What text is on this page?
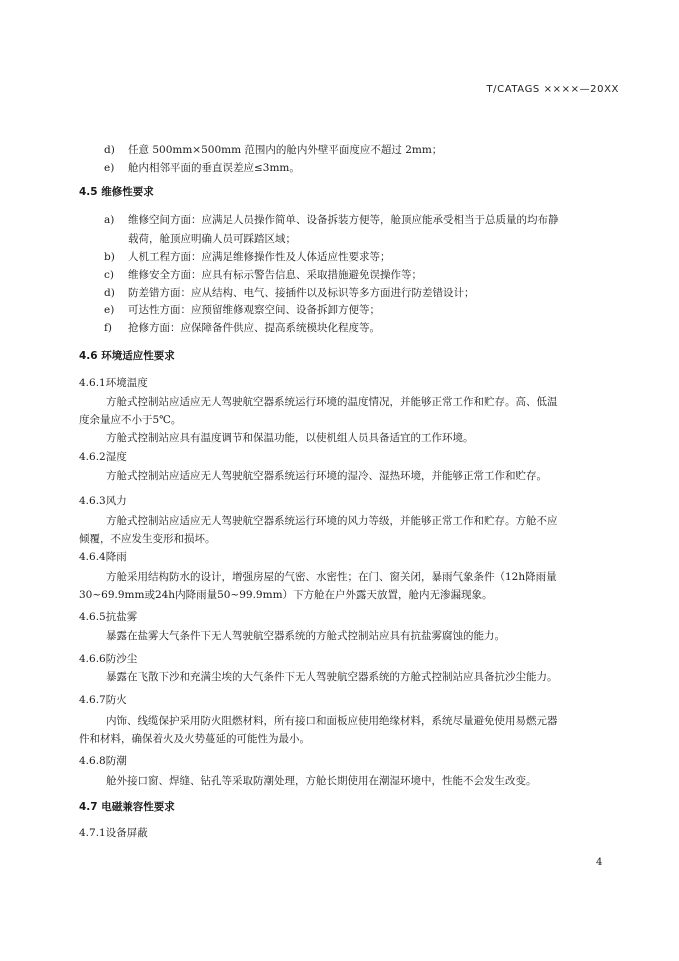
T/CATAGS ××××—20XX
d) 任意 500mm×500mm 范围内的舱内外壁平面度应不超过 2mm；
e) 舱内相邻平面的垂直误差应≤3mm。
4.5 维修性要求
a) 维修空间方面：应满足人员操作简单、设备拆装方便等，舱顶应能承受相当于总质量的均布静
载荷，舱顶应明确人员可踩踏区域；
b) 人机工程方面：应满足维修操作性及人体适应性要求等；
c) 维修安全方面：应具有标示警告信息、采取措施避免误操作等；
d) 防差错方面：应从结构、电气、接插件以及标识等多方面进行防差错设计；
e) 可达性方面：应预留维修观察空间、设备拆卸方便等；
f) 抢修方面：应保障备件供应、提高系统模块化程度等。
4.6 环境适应性要求
4.6.1环境温度
方舱式控制站应适应无人驾驶航空器系统运行环境的温度情况，并能够正常工作和贮存。高、低温
度余量应不小于5℃。
方舱式控制站应具有温度调节和保温功能，以使机组人员具备适宜的工作环境。
4.6.2湿度
方舱式控制站应适应无人驾驶航空器系统运行环境的湿冷、湿热环境，并能够正常工作和贮存。
4.6.3风力
方舱式控制站应适应无人驾驶航空器系统运行环境的风力等级，并能够正常工作和贮存。方舱不应
倾覆，不应发生变形和损坏。
4.6.4降雨
方舱采用结构防水的设计，增强房屋的气密、水密性；在门、窗关闭，暴雨气象条件（12h降雨量
30~69.9mm或24h内降雨量50~99.9mm）下方舱在户外露天放置，舱内无渗漏现象。
4.6.5抗盐雾
暴露在盐雾大气条件下无人驾驶航空器系统的方舱式控制站应具有抗盐雾腐蚀的能力。
4.6.6防沙尘
暴露在飞散下沙和充满尘埃的大气条件下无人驾驶航空器系统的方舱式控制站应具备抗沙尘能力。
4.6.7防火
内饰、线缆保护采用防火阻燃材料，所有接口和面板应使用绝缘材料，系统尽量避免使用易燃元器
件和材料，确保着火及火势蔓延的可能性为最小。
4.6.8防潮
舱外接口窗、焊缝、钻孔等采取防潮处理，方舱长期使用在潮湿环境中，性能不会发生改变。
4.7 电磁兼容性要求
4.7.1设备屏蔽
4
